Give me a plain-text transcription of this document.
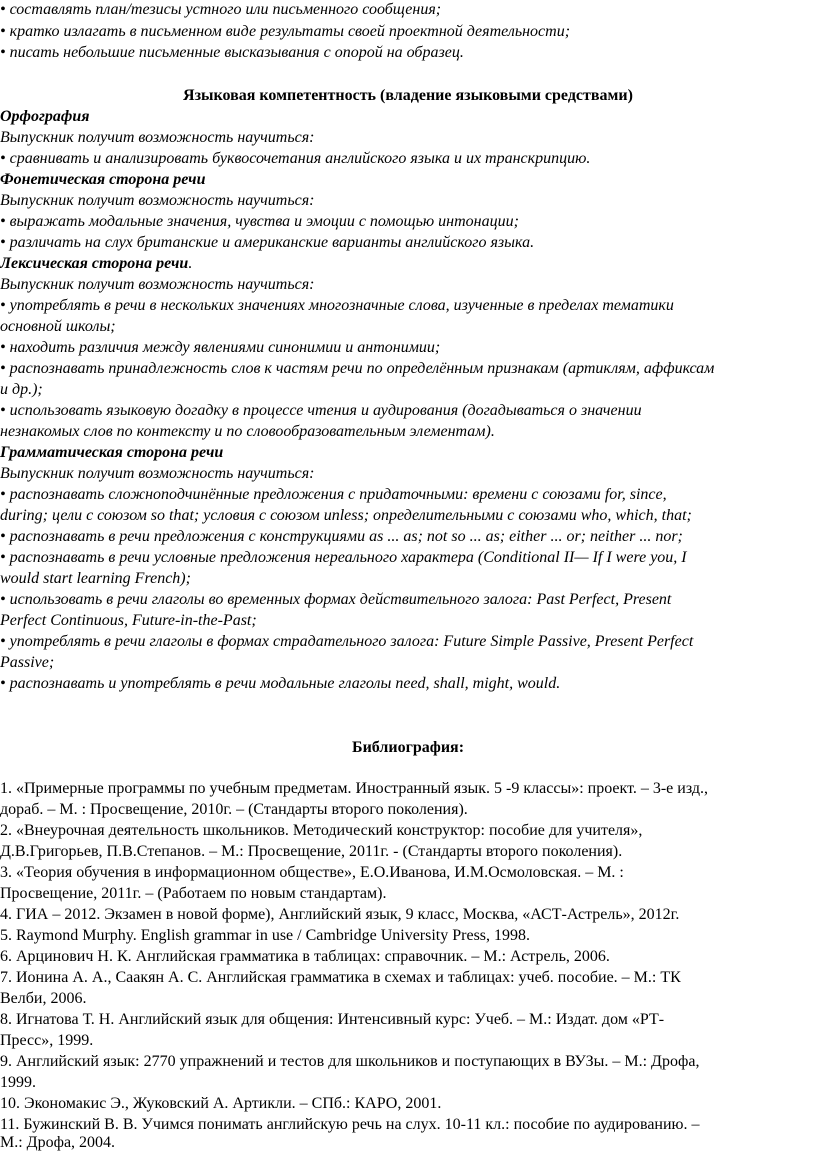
• составлять план/тезисы устного или письменного сообщения;

• кратко излагать в письменном виде результаты своей проектной деятельности;

• писать небольшие письменные высказывания с опорой на образец.

Языковая компетентность (владение языковыми средствами)

Орфография

Выпускник получит возможность научиться:

• сравнивать и анализировать буквосочетания английского языка и их транскрипцию.

Фонетическая сторона речи

Выпускник получит возможность научиться:

• выражать модальные значения, чувства и эмоции с помощью интонации;

• различать на слух британские и американские варианты английского языка.

Лексическая сторона речи.

Выпускник получит возможность научиться:

• употреблять в речи в нескольких значениях многозначные слова, изученные в пределах тематики

основной школы;

• находить различия между явлениями синонимии и антонимии;

• распознавать принадлежность слов к частям речи по определённым признакам (артиклям, аффиксам

и др.);

• использовать языковую догадку в процессе чтения и аудирования (догадываться о значении

незнакомых слов по контексту и по словообразовательным элементам).

Грамматическая сторона речи

Выпускник получит возможность научиться:

• распознавать сложноподчинённые предложения с придаточными: времени с союзами for, since,

during; цели с союзом so that; условия с союзом unless; определительными с союзами who, which, that;

• распознавать в речи предложения с конструкциями as ... as; not so ... as; either ... or; neither ... nor;

• распознавать в речи условные предложения нереального характера (Conditional II— If I were you, I

would start learning French);

• использовать в речи глаголы во временных формах действительного залога: Past Perfect, Present

Perfect Continuous, Future-in-the-Past;

• употреблять в речи глаголы в формах страдательного залога: Future Simple Passive, Present Perfect

Passive;

• распознавать и употреблять в речи модальные глаголы need, shall, might, would.

Библиография:

1. «Примерные программы по учебным предметам. Иностранный язык. 5 -9 классы»: проект. – 3-е изд.,

дораб. – М. : Просвещение, 2010г. – (Стандарты второго поколения).

2. «Внеурочная деятельность школьников. Методический конструктор: пособие для учителя»,

Д.В.Григорьев, П.В.Степанов. – М.: Просвещение, 2011г. - (Стандарты второго поколения).

3. «Теория обучения в информационном обществе», Е.О.Иванова, И.М.Осмоловская. – М. :

Просвещение, 2011г. – (Работаем по новым стандартам).

4. ГИА – 2012. Экзамен в новой форме), Английский язык, 9 класс, Москва, «АСТ-Астрель», 2012г.

5. Raymond Murphy. English grammar in use / Cambridge University Press, 1998.

6. Арцинович Н. К. Английская грамматика в таблицах: справочник. – М.: Астрель, 2006.

7. Ионина А. А., Саакян А. С. Английская грамматика в схемах и таблицах: учеб. пособие. – М.: ТК

Велби, 2006.

8. Игнатова Т. Н. Английский язык для общения: Интенсивный курс: Учеб. – М.: Издат. дом «РТ-

Пресс», 1999.

9. Английский язык: 2770 упражнений и тестов для школьников и поступающих в ВУЗы. – М.: Дрофа,

1999.

10. Экономакис Э., Жуковский А. Артикли. – СПб.: КАРО, 2001.

11. Бужинский В. В. Учимся понимать английскую речь на слух. 10-11 кл.: пособие по аудированию. –

М.: Дрофа, 2004.
